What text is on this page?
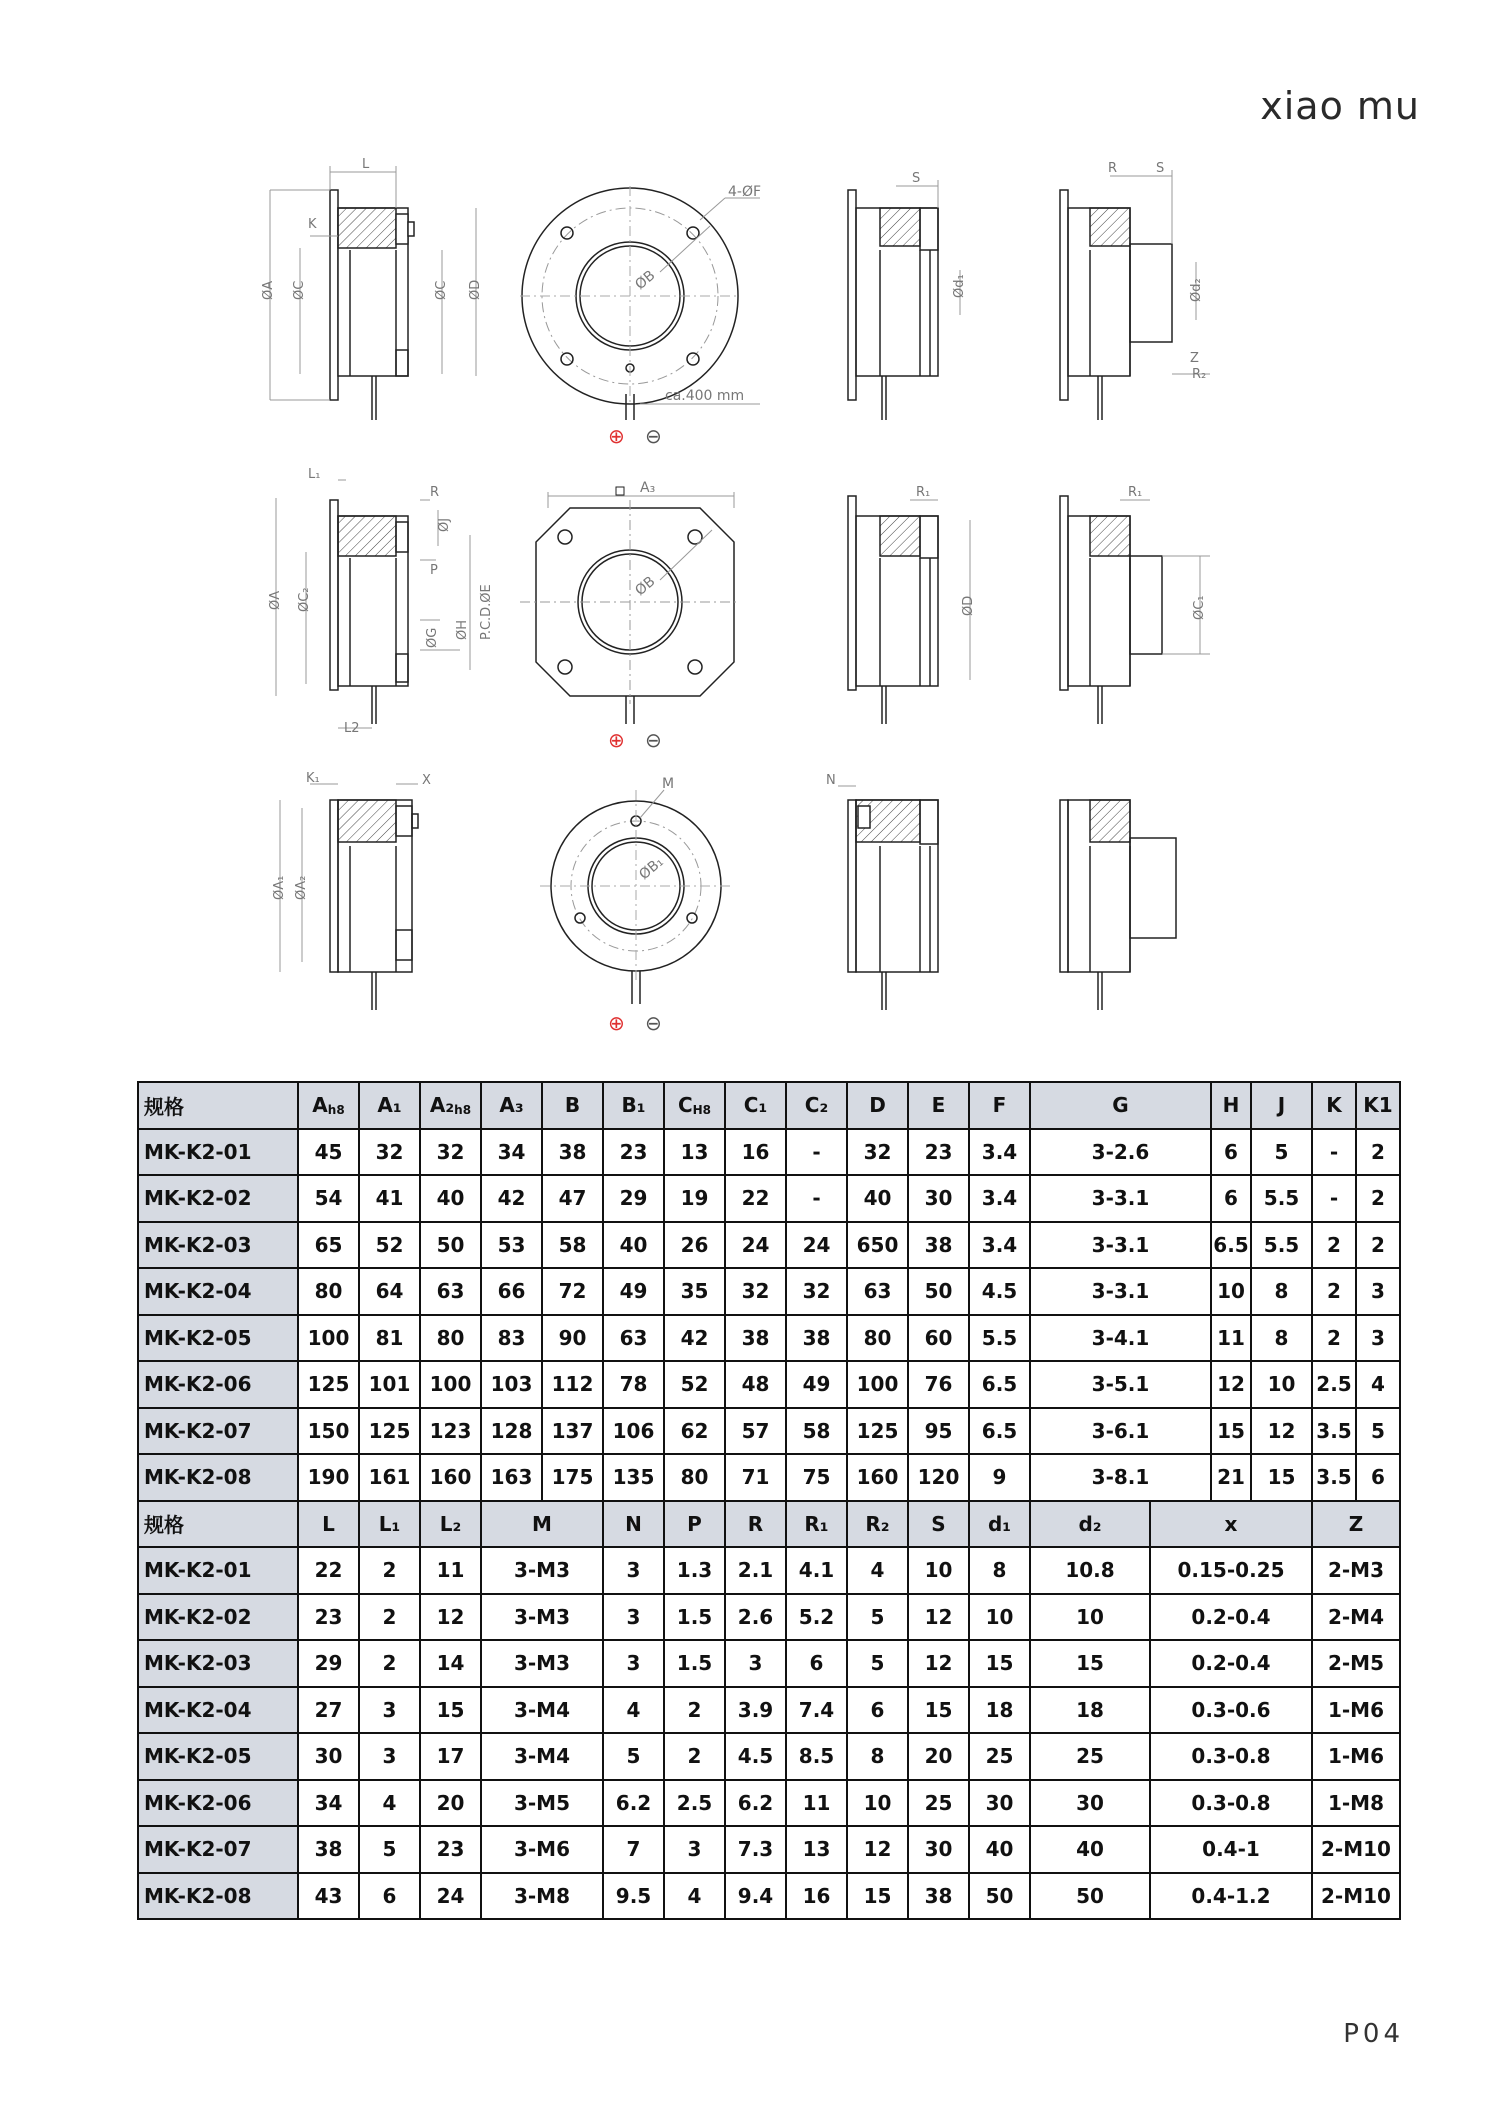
xiao mu
L
K
ØA ØC	ØC ØD
4-ØF
ØB
ca.400 mm
⊕ ⊖
S
Ød₁
R	S
Ød₂
Z
R₂
L₁
R
ØA ØC₂
ØJ
P
P.C.D.ØE
ØG ØH
L2
A₃
ØB
⊕ ⊖
R₁
ØD
R₁
ØC₁
K₁	X
ØA₁ ØA₂
M
ØB₁
⊕ ⊖
N
规格	$A_{h8}$	A₁	$A_2_{h8}$	A₃	B	B₁	$C_{H8}$	C₁	C₂	D	E	F	G		H	J	K	K1
MK-K2-01	45	32	32	34	38	23	13	16	-	32	23	3.4	3-2.6		6	5	-	2
MK-K2-02	54	41	40	42	47	29	19	22	-	40	30	3.4	3-3.1		6	5.5	-	2
MK-K2-03	65	52	50	53	58	40	26	24	24	650	38	3.4	3-3.1		6.5	5.5	2	2
MK-K2-04	80	64	63	66	72	49	35	32	32	63	50	4.5	3-3.1		10	8	2	3
MK-K2-05	100	81	80	83	90	63	42	38	38	80	60	5.5	3-4.1		11	8	2	3
MK-K2-06	125	101	100	103	112	78	52	48	49	100	76	6.5	3-5.1		12	10	2.5	4
MK-K2-07	150	125	123	128	137	106	62	57	58	125	95	6.5	3-6.1		15	12	3.5	5
MK-K2-08	190	161	160	163	175	135	80	71	75	160	120	9	3-8.1		21	15	3.5	6
规格	L	L₁	L₂	M		N	P	R	R₁	R₂	S	d₁	d₂	x			Z	
MK-K2-01	22	2	11	3-M3		3	1.3	2.1	4.1	4	10	8	10.8	0.15-0.25			2-M3	
MK-K2-02	23	2	12	3-M3		3	1.5	2.6	5.2	5	12	10	10	0.2-0.4			2-M4	
MK-K2-03	29	2	14	3-M3		3	1.5	3	6	5	12	15	15	0.2-0.4			2-M5	
MK-K2-04	27	3	15	3-M4		4	2	3.9	7.4	6	15	18	18	0.3-0.6			1-M6	
MK-K2-05	30	3	17	3-M4		5	2	4.5	8.5	8	20	25	25	0.3-0.8			1-M6	
MK-K2-06	34	4	20	3-M5		6.2	2.5	6.2	11	10	25	30	30	0.3-0.8			1-M8	
MK-K2-07	38	5	23	3-M6		7	3	7.3	13	12	30	40	40	0.4-1			2-M10	
MK-K2-08	43	6	24	3-M8		9.5	4	9.4	16	15	38	50	50	0.4-1.2			2-M10	
P04
